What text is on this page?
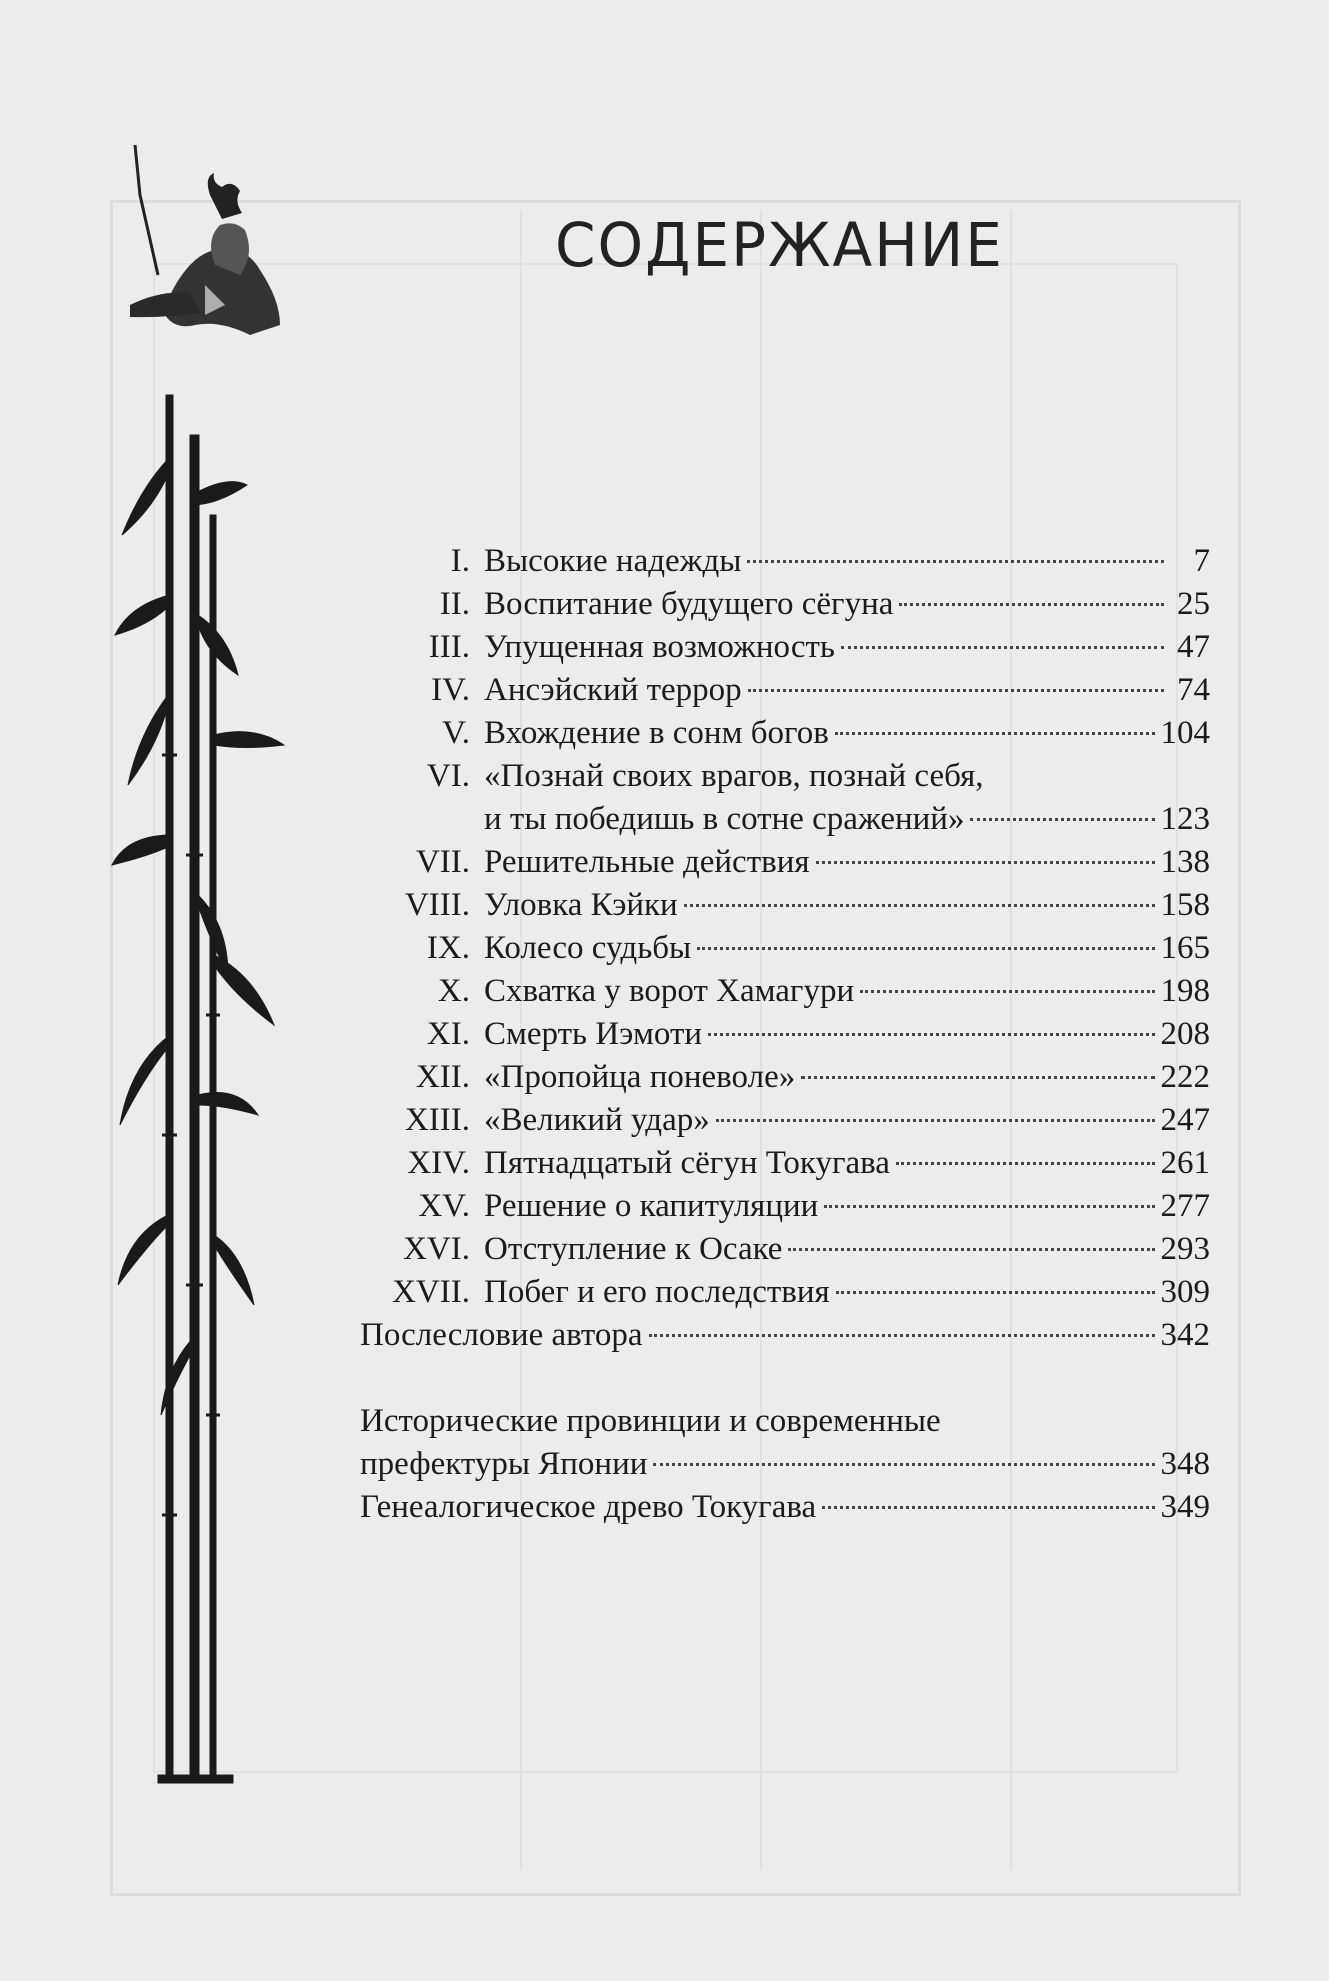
СОДЕРЖАНИЕ
I. Высокие надежды	7
II. Воспитание будущего сёгуна	25
III. Упущенная возможность	47
IV. Ансэйский террор	74
V. Вхождение в сонм богов	104
VI. «Познай своих врагов, познай себя,
и ты победишь в сотне сражений»	123
VII. Решительные действия	138
VIII. Уловка Кэйки	158
IX. Колесо судьбы	165
X. Схватка у ворот Хамагури	198
XI. Смерть Иэмоти	208
XII. «Пропойца поневоле»	222
XIII. «Великий удар»	247
XIV. Пятнадцатый сёгун Токугава	261
XV. Решение о капитуляции	277
XVI. Отступление к Осаке	293
XVII. Побег и его последствия	309
Послесловие автора	342
Исторические провинции и современные
префектуры Японии	348
Генеалогическое древо Токугава	349
